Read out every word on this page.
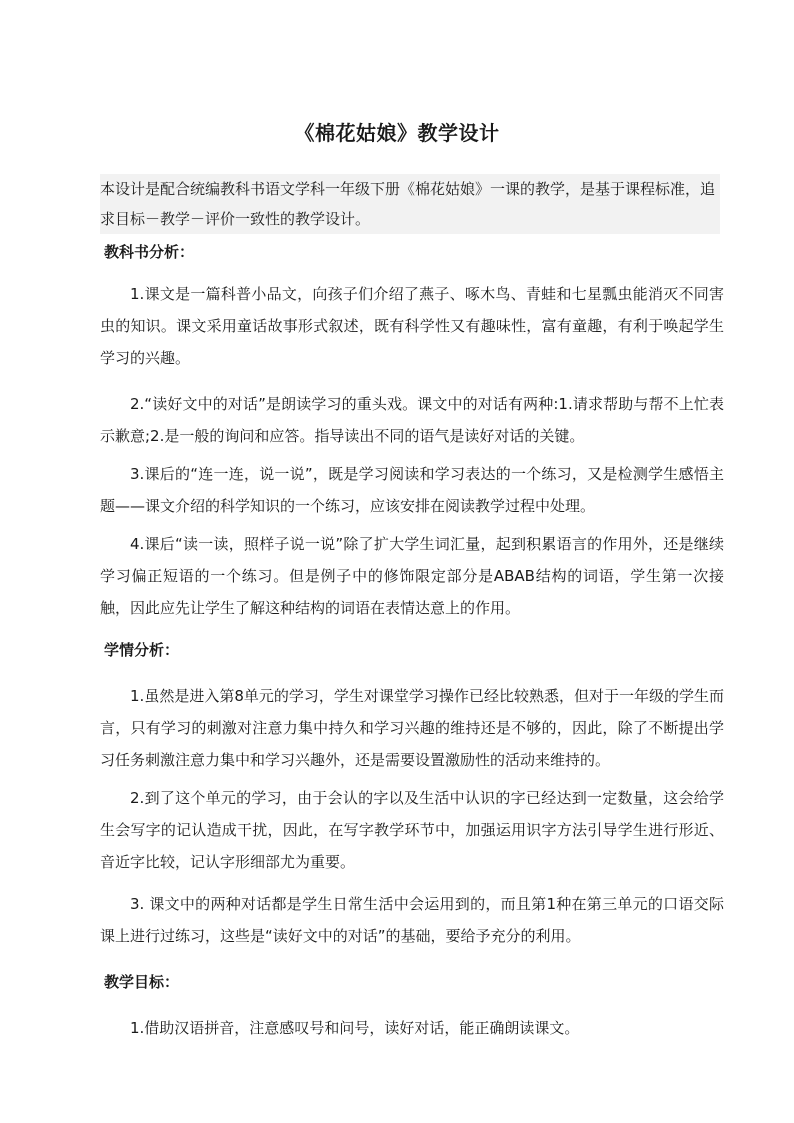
《棉花姑娘》教学设计

本设计是配合统编教科书语文学科一年级下册《棉花姑娘》一课的教学，是基于课程标准，追求目标－教学－评价一致性的教学设计。

教科书分析：

1.课文是一篇科普小品文，向孩子们介绍了燕子、啄木鸟、青蛙和七星瓢虫能消灭不同害虫的知识。课文采用童话故事形式叙述，既有科学性又有趣味性，富有童趣，有利于唤起学生学习的兴趣。

2.“读好文中的对话”是朗读学习的重头戏。课文中的对话有两种:1.请求帮助与帮不上忙表示歉意;2.是一般的询问和应答。指导读出不同的语气是读好对话的关键。

3.课后的“连一连，说一说”，既是学习阅读和学习表达的一个练习，又是检测学生感悟主题——课文介绍的科学知识的一个练习，应该安排在阅读教学过程中处理。

4.课后“读一读，照样子说一说”除了扩大学生词汇量，起到积累语言的作用外，还是继续学习偏正短语的一个练习。但是例子中的修饰限定部分是ABAB结构的词语，学生第一次接触，因此应先让学生了解这种结构的词语在表情达意上的作用。

学情分析：

1.虽然是进入第8单元的学习，学生对课堂学习操作已经比较熟悉，但对于一年级的学生而言，只有学习的刺激对注意力集中持久和学习兴趣的维持还是不够的，因此，除了不断提出学习任务刺激注意力集中和学习兴趣外，还是需要设置激励性的活动来维持的。

2.到了这个单元的学习，由于会认的字以及生活中认识的字已经达到一定数量，这会给学生会写字的记认造成干扰，因此，在写字教学环节中，加强运用识字方法引导学生进行形近、音近字比较，记认字形细部尤为重要。

3. 课文中的两种对话都是学生日常生活中会运用到的，而且第1种在第三单元的口语交际课上进行过练习，这些是“读好文中的对话”的基础，要给予充分的利用。

教学目标：

1.借助汉语拼音，注意感叹号和问号，读好对话，能正确朗读课文。
